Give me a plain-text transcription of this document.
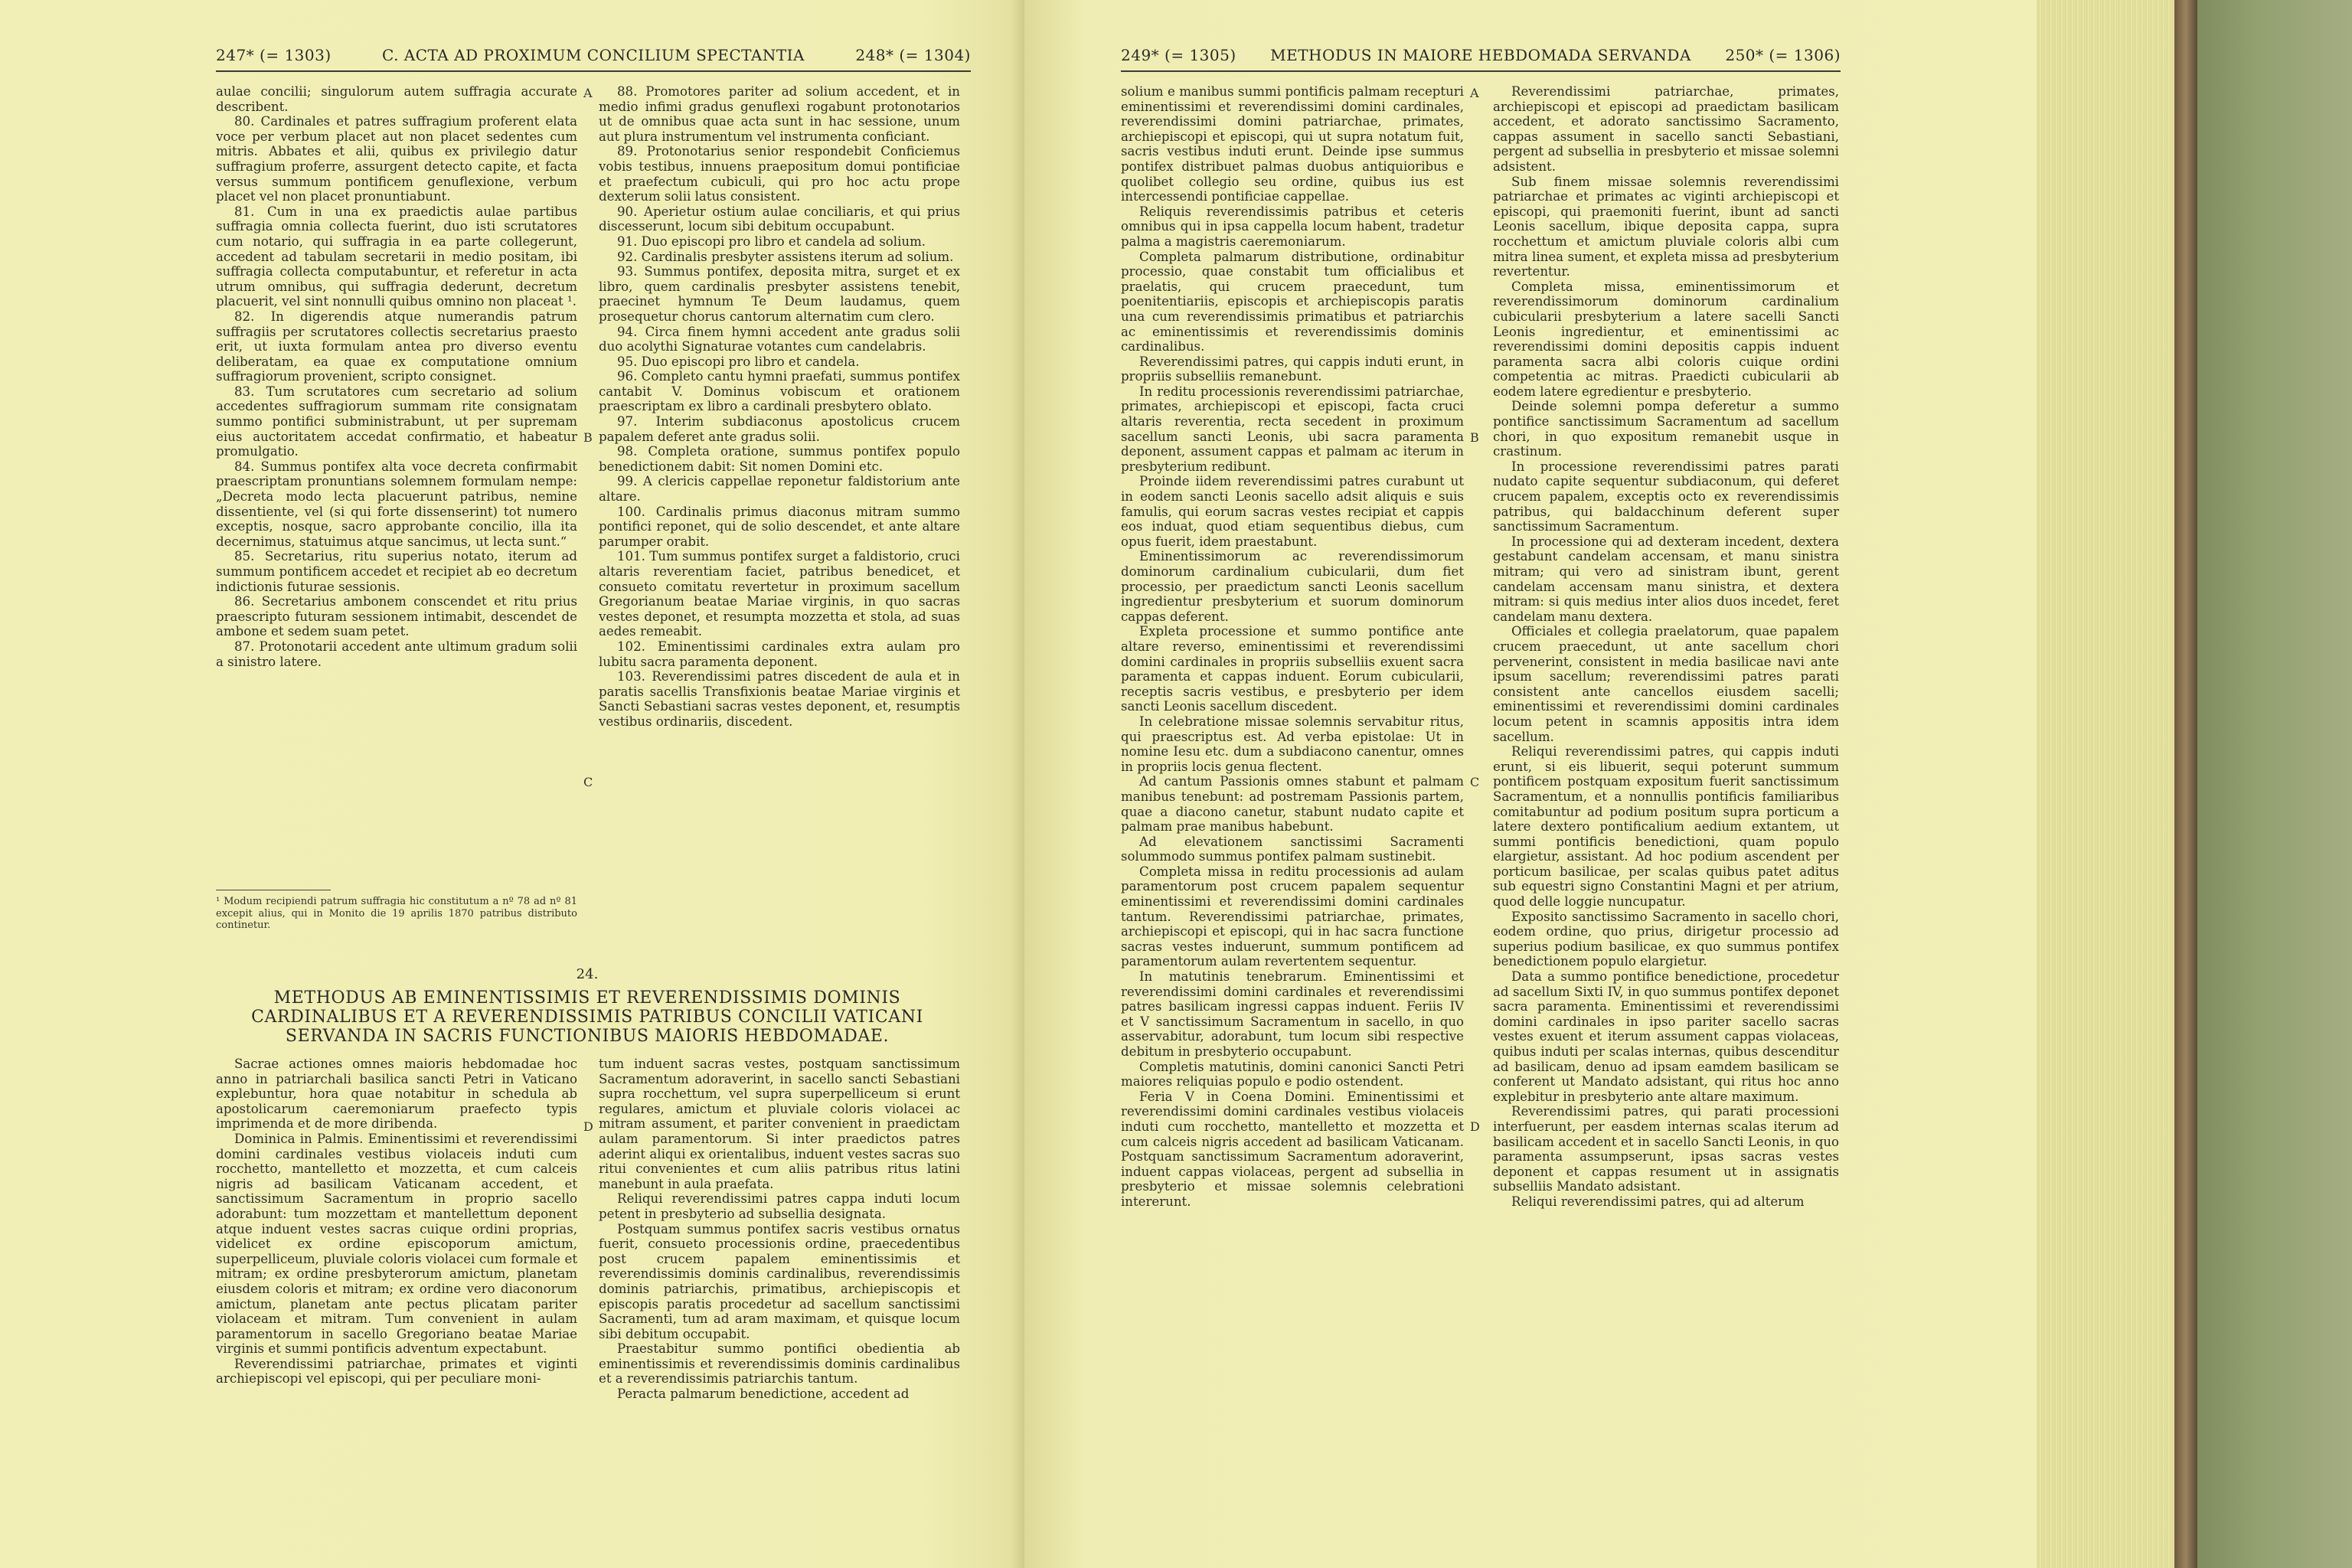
247* (= 1303)	C. ACTA AD PROXIMUM CONCILIUM SPECTANTIA	248* (= 1304)

aulae concilii; singulorum autem suffragia accurate describent.

80. Cardinales et patres suffragium proferent elata voce per verbum placet aut non placet sedentes cum mitris. Abbates et alii, quibus ex privilegio datur suffragium proferre, assurgent detecto capite, et facta versus summum pontificem genuflexione, verbum placet vel non placet pronuntiabunt.

81. Cum in una ex praedictis aulae partibus suffragia omnia collecta fuerint, duo isti scrutatores cum notario, qui suffragia in ea parte collegerunt, accedent ad tabulam secretarii in medio positam, ibi suffragia collecta computabuntur, et referetur in acta utrum omnibus, qui suffragia dederunt, decretum placuerit, vel sint nonnulli quibus omnino non placeat ¹.

82. In digerendis atque numerandis patrum suffragiis per scrutatores collectis secretarius praesto erit, ut iuxta formulam antea pro diverso eventu deliberatam, ea quae ex computatione omnium suffragiorum provenient, scripto consignet.

83. Tum scrutatores cum secretario ad solium accedentes suffragiorum summam rite consignatam summo pontifici subministrabunt, ut per supremam eius auctoritatem accedat confirmatio, et habeatur promulgatio.

84. Summus pontifex alta voce decreta confirmabit praescriptam pronuntians solemnem formulam nempe: „Decreta modo lecta placuerunt patribus, nemine dissentiente, vel (si qui forte dissenserint) tot numero exceptis, nosque, sacro approbante concilio, illa ita decernimus, statuimus atque sancimus, ut lecta sunt.“

85. Secretarius, ritu superius notato, iterum ad summum pontificem accedet et recipiet ab eo decretum indictionis futurae sessionis.

86. Secretarius ambonem conscendet et ritu prius praescripto futuram sessionem intimabit, descendet de ambone et sedem suam petet.

87. Protonotarii accedent ante ultimum gradum solii a sinistro latere.

88. Promotores pariter ad solium accedent, et in medio infimi gradus genuflexi rogabunt protonotarios ut de omnibus quae acta sunt in hac sessione, unum aut plura instrumentum vel instrumenta conficiant.

89. Protonotarius senior respondebit Conficiemus vobis testibus, innuens praepositum domui pontificiae et praefectum cubiculi, qui pro hoc actu prope dexterum solii latus consistent.

90. Aperietur ostium aulae conciliaris, et qui prius discesserunt, locum sibi debitum occupabunt.

91. Duo episcopi pro libro et candela ad solium.

92. Cardinalis presbyter assistens iterum ad solium.

93. Summus pontifex, deposita mitra, surget et ex libro, quem cardinalis presbyter assistens tenebit, praecinet hymnum Te Deum laudamus, quem prosequetur chorus cantorum alternatim cum clero.

94. Circa finem hymni accedent ante gradus solii duo acolythi Signaturae votantes cum candelabris.

95. Duo episcopi pro libro et candela.

96. Completo cantu hymni praefati, summus pontifex cantabit V. Dominus vobiscum et orationem praescriptam ex libro a cardinali presbytero oblato.

97. Interim subdiaconus apostolicus crucem papalem deferet ante gradus solii.

98. Completa oratione, summus pontifex populo benedictionem dabit: Sit nomen Domini etc.

99. A clericis cappellae reponetur faldistorium ante altare.

100. Cardinalis primus diaconus mitram summo pontifici reponet, qui de solio descendet, et ante altare parumper orabit.

101. Tum summus pontifex surget a faldistorio, cruci altaris reverentiam faciet, patribus benedicet, et consueto comitatu revertetur in proximum sacellum Gregorianum beatae Mariae virginis, in quo sacras vestes deponet, et resumpta mozzetta et stola, ad suas aedes remeabit.

102. Eminentissimi cardinales extra aulam pro lubitu sacra paramenta deponent.

103. Reverendissimi patres discedent de aula et in paratis sacellis Transfixionis beatae Mariae virginis et Sancti Sebastiani sacras vestes deponent, et, resumptis vestibus ordinariis, discedent.

A
B
C
D
¹ Modum recipiendi patrum suffragia hic constitutum a nº 78 ad nº 81 excepit alius, qui in Monito die 19 aprilis 1870 patribus distributo continetur.
24.
METHODUS AB EMINENTISSIMIS ET REVERENDISSIMIS DOMINIS CARDINALIBUS ET A REVERENDISSIMIS PATRIBUS CONCILII VATICANI SERVANDA IN SACRIS FUNCTIONIBUS MAIORIS HEBDOMADAE.

Sacrae actiones omnes maioris hebdomadae hoc anno in patriarchali basilica sancti Petri in Vaticano explebuntur, hora quae notabitur in schedula ab apostolicarum caeremoniarum praefecto typis imprimenda et de more diribenda.

Dominica in Palmis. Eminentissimi et reverendissimi domini cardinales vestibus violaceis induti cum rocchetto, mantelletto et mozzetta, et cum calceis nigris ad basilicam Vaticanam accedent, et sanctissimum Sacramentum in proprio sacello adorabunt: tum mozzettam et mantellettum deponent atque induent vestes sacras cuique ordini proprias, videlicet ex ordine episcoporum amictum, superpelliceum, pluviale coloris violacei cum formale et mitram; ex ordine presbyterorum amictum, planetam eiusdem coloris et mitram; ex ordine vero diaconorum amictum, planetam ante pectus plicatam pariter violaceam et mitram. Tum convenient in aulam paramentorum in sacello Gregoriano beatae Mariae virginis et summi pontificis adventum expectabunt.

Reverendissimi patriarchae, primates et viginti archiepiscopi vel episcopi, qui per peculiare moni-

tum induent sacras vestes, postquam sanctissimum Sacramentum adoraverint, in sacello sancti Sebastiani supra rocchettum, vel supra superpelliceum si erunt regulares, amictum et pluviale coloris violacei ac mitram assument, et pariter convenient in praedictam aulam paramentorum. Si inter praedictos patres aderint aliqui ex orientalibus, induent vestes sacras suo ritui convenientes et cum aliis patribus ritus latini manebunt in aula praefata.

Reliqui reverendissimi patres cappa induti locum petent in presbyterio ad subsellia designata.

Postquam summus pontifex sacris vestibus ornatus fuerit, consueto processionis ordine, praecedentibus post crucem papalem eminentissimis et reverendissimis dominis cardinalibus, reverendissimis dominis patriarchis, primatibus, archiepiscopis et episcopis paratis procedetur ad sacellum sanctissimi Sacramenti, tum ad aram maximam, et quisque locum sibi debitum occupabit.

Praestabitur summo pontifici obedientia ab eminentissimis et reverendissimis dominis cardinalibus et a reverendissimis patriarchis tantum.

Peracta palmarum benedictione, accedent ad

249* (= 1305) METHODUS IN MAIORE HEBDOMADA SERVANDA 250* (= 1306)

solium e manibus summi pontificis palmam recepturi eminentissimi et reverendissimi domini cardinales, reverendissimi domini patriarchae, primates, archiepiscopi et episcopi, qui ut supra notatum fuit, sacris vestibus induti erunt. Deinde ipse summus pontifex distribuet palmas duobus antiquioribus e quolibet collegio seu ordine, quibus ius est intercessendi pontificiae cappellae.

Reliquis reverendissimis patribus et ceteris omnibus qui in ipsa cappella locum habent, tradetur palma a magistris caeremoniarum.

Completa palmarum distributione, ordinabitur processio, quae constabit tum officialibus et praelatis, qui crucem praecedunt, tum poenitentiariis, episcopis et archiepiscopis paratis una cum reverendissimis primatibus et patriarchis ac eminentissimis et reverendissimis dominis cardinalibus.

Reverendissimi patres, qui cappis induti erunt, in propriis subselliis remanebunt.

In reditu processionis reverendissimi patriarchae, primates, archiepiscopi et episcopi, facta cruci altaris reverentia, recta secedent in proximum sacellum sancti Leonis, ubi sacra paramenta deponent, assument cappas et palmam ac iterum in presbyterium redibunt.

Proinde iidem reverendissimi patres curabunt ut in eodem sancti Leonis sacello adsit aliquis e suis famulis, qui eorum sacras vestes recipiat et cappis eos induat, quod etiam sequentibus diebus, cum opus fuerit, idem praestabunt.

Eminentissimorum ac reverendissimorum dominorum cardinalium cubicularii, dum fiet processio, per praedictum sancti Leonis sacellum ingredientur presbyterium et suorum dominorum cappas deferent.

Expleta processione et summo pontifice ante altare reverso, eminentissimi et reverendissimi domini cardinales in propriis subselliis exuent sacra paramenta et cappas induent. Eorum cubicularii, receptis sacris vestibus, e presbyterio per idem sancti Leonis sacellum discedent.

In celebratione missae solemnis servabitur ritus, qui praescriptus est. Ad verba epistolae: Ut in nomine Iesu etc. dum a subdiacono canentur, omnes in propriis locis genua flectent.

Ad cantum Passionis omnes stabunt et palmam manibus tenebunt: ad postremam Passionis partem, quae a diacono canetur, stabunt nudato capite et palmam prae manibus habebunt.

Ad elevationem sanctissimi Sacramenti solummodo summus pontifex palmam sustinebit.

Completa missa in reditu processionis ad aulam paramentorum post crucem papalem sequentur eminentissimi et reverendissimi domini cardinales tantum. Reverendissimi patriarchae, primates, archiepiscopi et episcopi, qui in hac sacra functione sacras vestes induerunt, summum pontificem ad paramentorum aulam revertentem sequentur.

In matutinis tenebrarum. Eminentissimi et reverendissimi domini cardinales et reverendissimi patres basilicam ingressi cappas induent. Feriis IV et V sanctissimum Sacramentum in sacello, in quo asservabitur, adorabunt, tum locum sibi respective debitum in presbyterio occupabunt.

Completis matutinis, domini canonici Sancti Petri maiores reliquias populo e podio ostendent.

Feria V in Coena Domini. Eminentissimi et reverendissimi domini cardinales vestibus violaceis induti cum rocchetto, mantelletto et mozzetta et cum calceis nigris accedent ad basilicam Vaticanam. Postquam sanctissimum Sacramentum adoraverint, induent cappas violaceas, pergent ad subsellia in presbyterio et missae solemnis celebrationi intererunt.

Reverendissimi patriarchae, primates, archiepiscopi et episcopi ad praedictam basilicam accedent, et adorato sanctissimo Sacramento, cappas assument in sacello sancti Sebastiani, pergent ad subsellia in presbyterio et missae solemni adsistent.

Sub finem missae solemnis reverendissimi patriarchae et primates ac viginti archiepiscopi et episcopi, qui praemoniti fuerint, ibunt ad sancti Leonis sacellum, ibique deposita cappa, supra rocchettum et amictum pluviale coloris albi cum mitra linea sument, et expleta missa ad presbyterium revertentur.

Completa missa, eminentissimorum et reverendissimorum dominorum cardinalium cubicularii presbyterium a latere sacelli Sancti Leonis ingredientur, et eminentissimi ac reverendissimi domini depositis cappis induent paramenta sacra albi coloris cuique ordini competentia ac mitras. Praedicti cubicularii ab eodem latere egredientur e presbyterio.

Deinde solemni pompa deferetur a summo pontifice sanctissimum Sacramentum ad sacellum chori, in quo expositum remanebit usque in crastinum.

In processione reverendissimi patres parati nudato capite sequentur subdiaconum, qui deferet crucem papalem, exceptis octo ex reverendissimis patribus, qui baldacchinum deferent super sanctissimum Sacramentum.

In processione qui ad dexteram incedent, dextera gestabunt candelam accensam, et manu sinistra mitram; qui vero ad sinistram ibunt, gerent candelam accensam manu sinistra, et dextera mitram: si quis medius inter alios duos incedet, feret candelam manu dextera.

Officiales et collegia praelatorum, quae papalem crucem praecedunt, ut ante sacellum chori pervenerint, consistent in media basilicae navi ante ipsum sacellum; reverendissimi patres parati consistent ante cancellos eiusdem sacelli; eminentissimi et reverendissimi domini cardinales locum petent in scamnis appositis intra idem sacellum.

Reliqui reverendissimi patres, qui cappis induti erunt, si eis libuerit, sequi poterunt summum pontificem postquam expositum fuerit sanctissimum Sacramentum, et a nonnullis pontificis familiaribus comitabuntur ad podium positum supra porticum a latere dextero pontificalium aedium extantem, ut summi pontificis benedictioni, quam populo elargietur, assistant. Ad hoc podium ascendent per porticum basilicae, per scalas quibus patet aditus sub equestri signo Constantini Magni et per atrium, quod delle loggie nuncupatur.

Exposito sanctissimo Sacramento in sacello chori, eodem ordine, quo prius, dirigetur processio ad superius podium basilicae, ex quo summus pontifex benedictionem populo elargietur.

Data a summo pontifice benedictione, procedetur ad sacellum Sixti IV, in quo summus pontifex deponet sacra paramenta. Eminentissimi et reverendissimi domini cardinales in ipso pariter sacello sacras vestes exuent et iterum assument cappas violaceas, quibus induti per scalas internas, quibus descenditur ad basilicam, denuo ad ipsam eamdem basilicam se conferent ut Mandato adsistant, qui ritus hoc anno explebitur in presbyterio ante altare maximum.

Reverendissimi patres, qui parati processioni interfuerunt, per easdem internas scalas iterum ad basilicam accedent et in sacello Sancti Leonis, in quo paramenta assumpserunt, ipsas sacras vestes deponent et cappas resument ut in assignatis subselliis Mandato adsistant.

Reliqui reverendissimi patres, qui ad alterum

A
B
C
D
